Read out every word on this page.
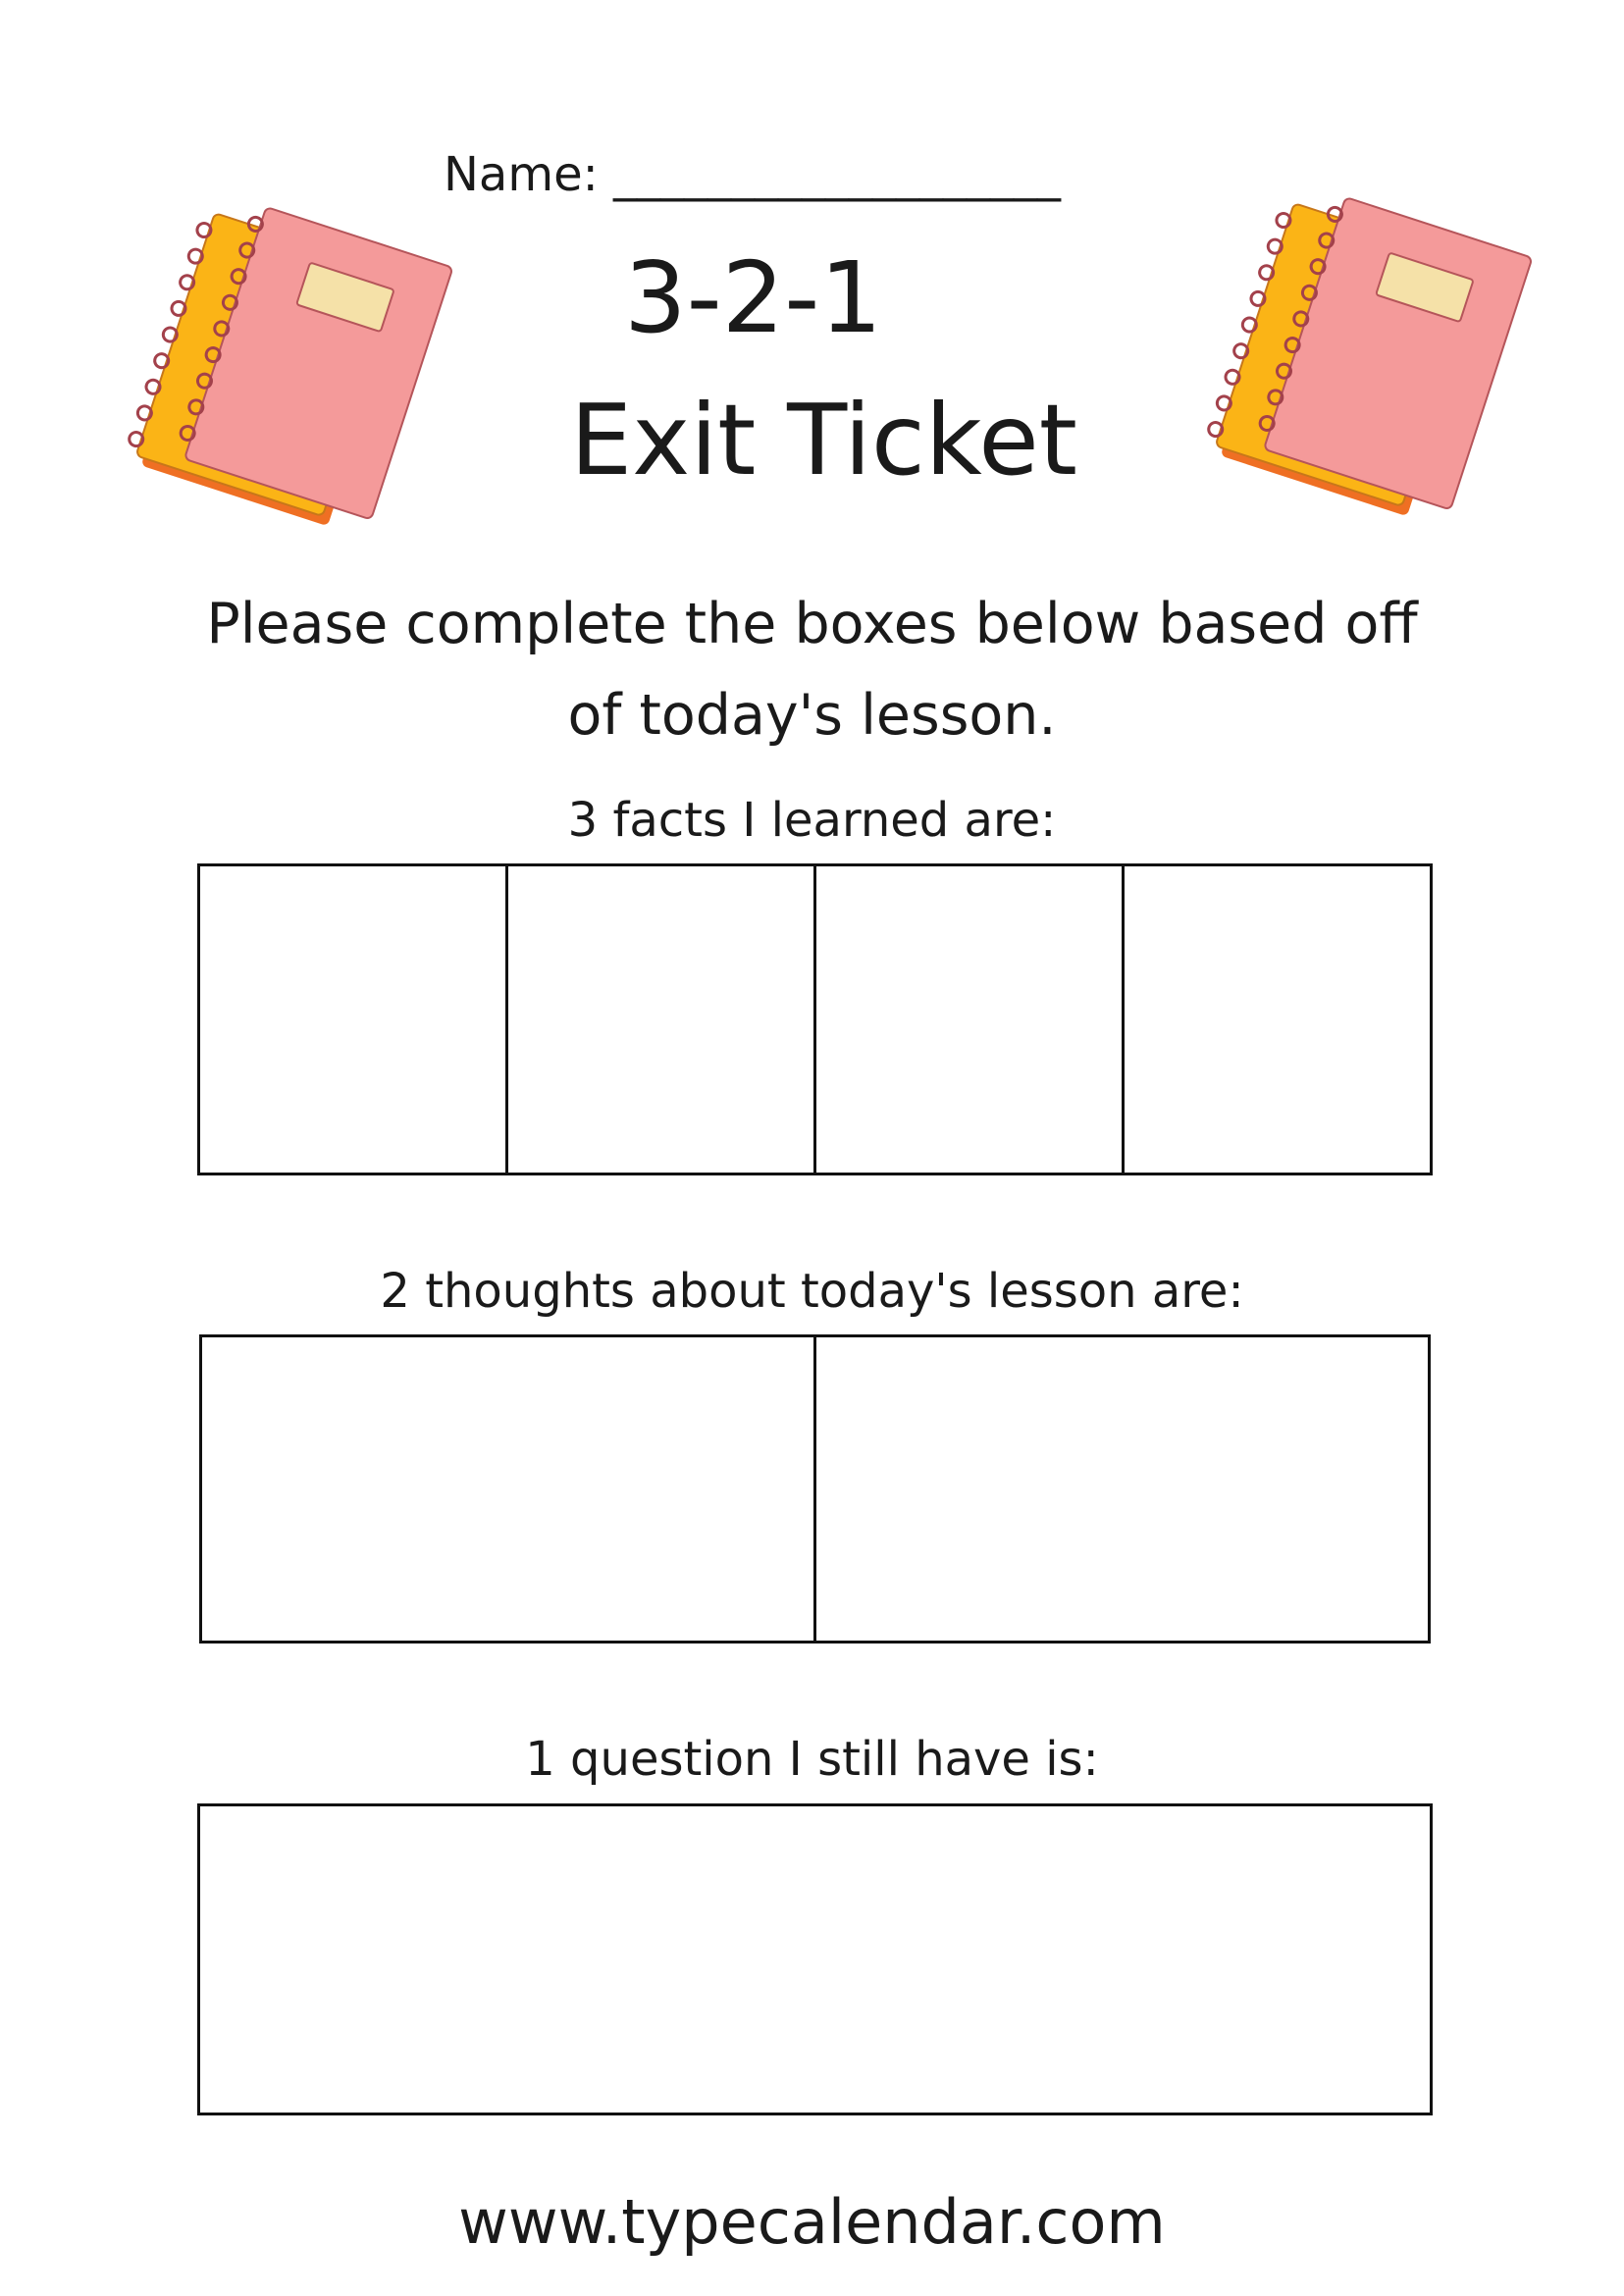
Name: ___________________
3-2-1
Exit Ticket
Please complete the boxes below based off
of today's lesson.
3 facts I learned are:
2 thoughts about today's lesson are:
1 question I still have is:
www.typecalendar.com
